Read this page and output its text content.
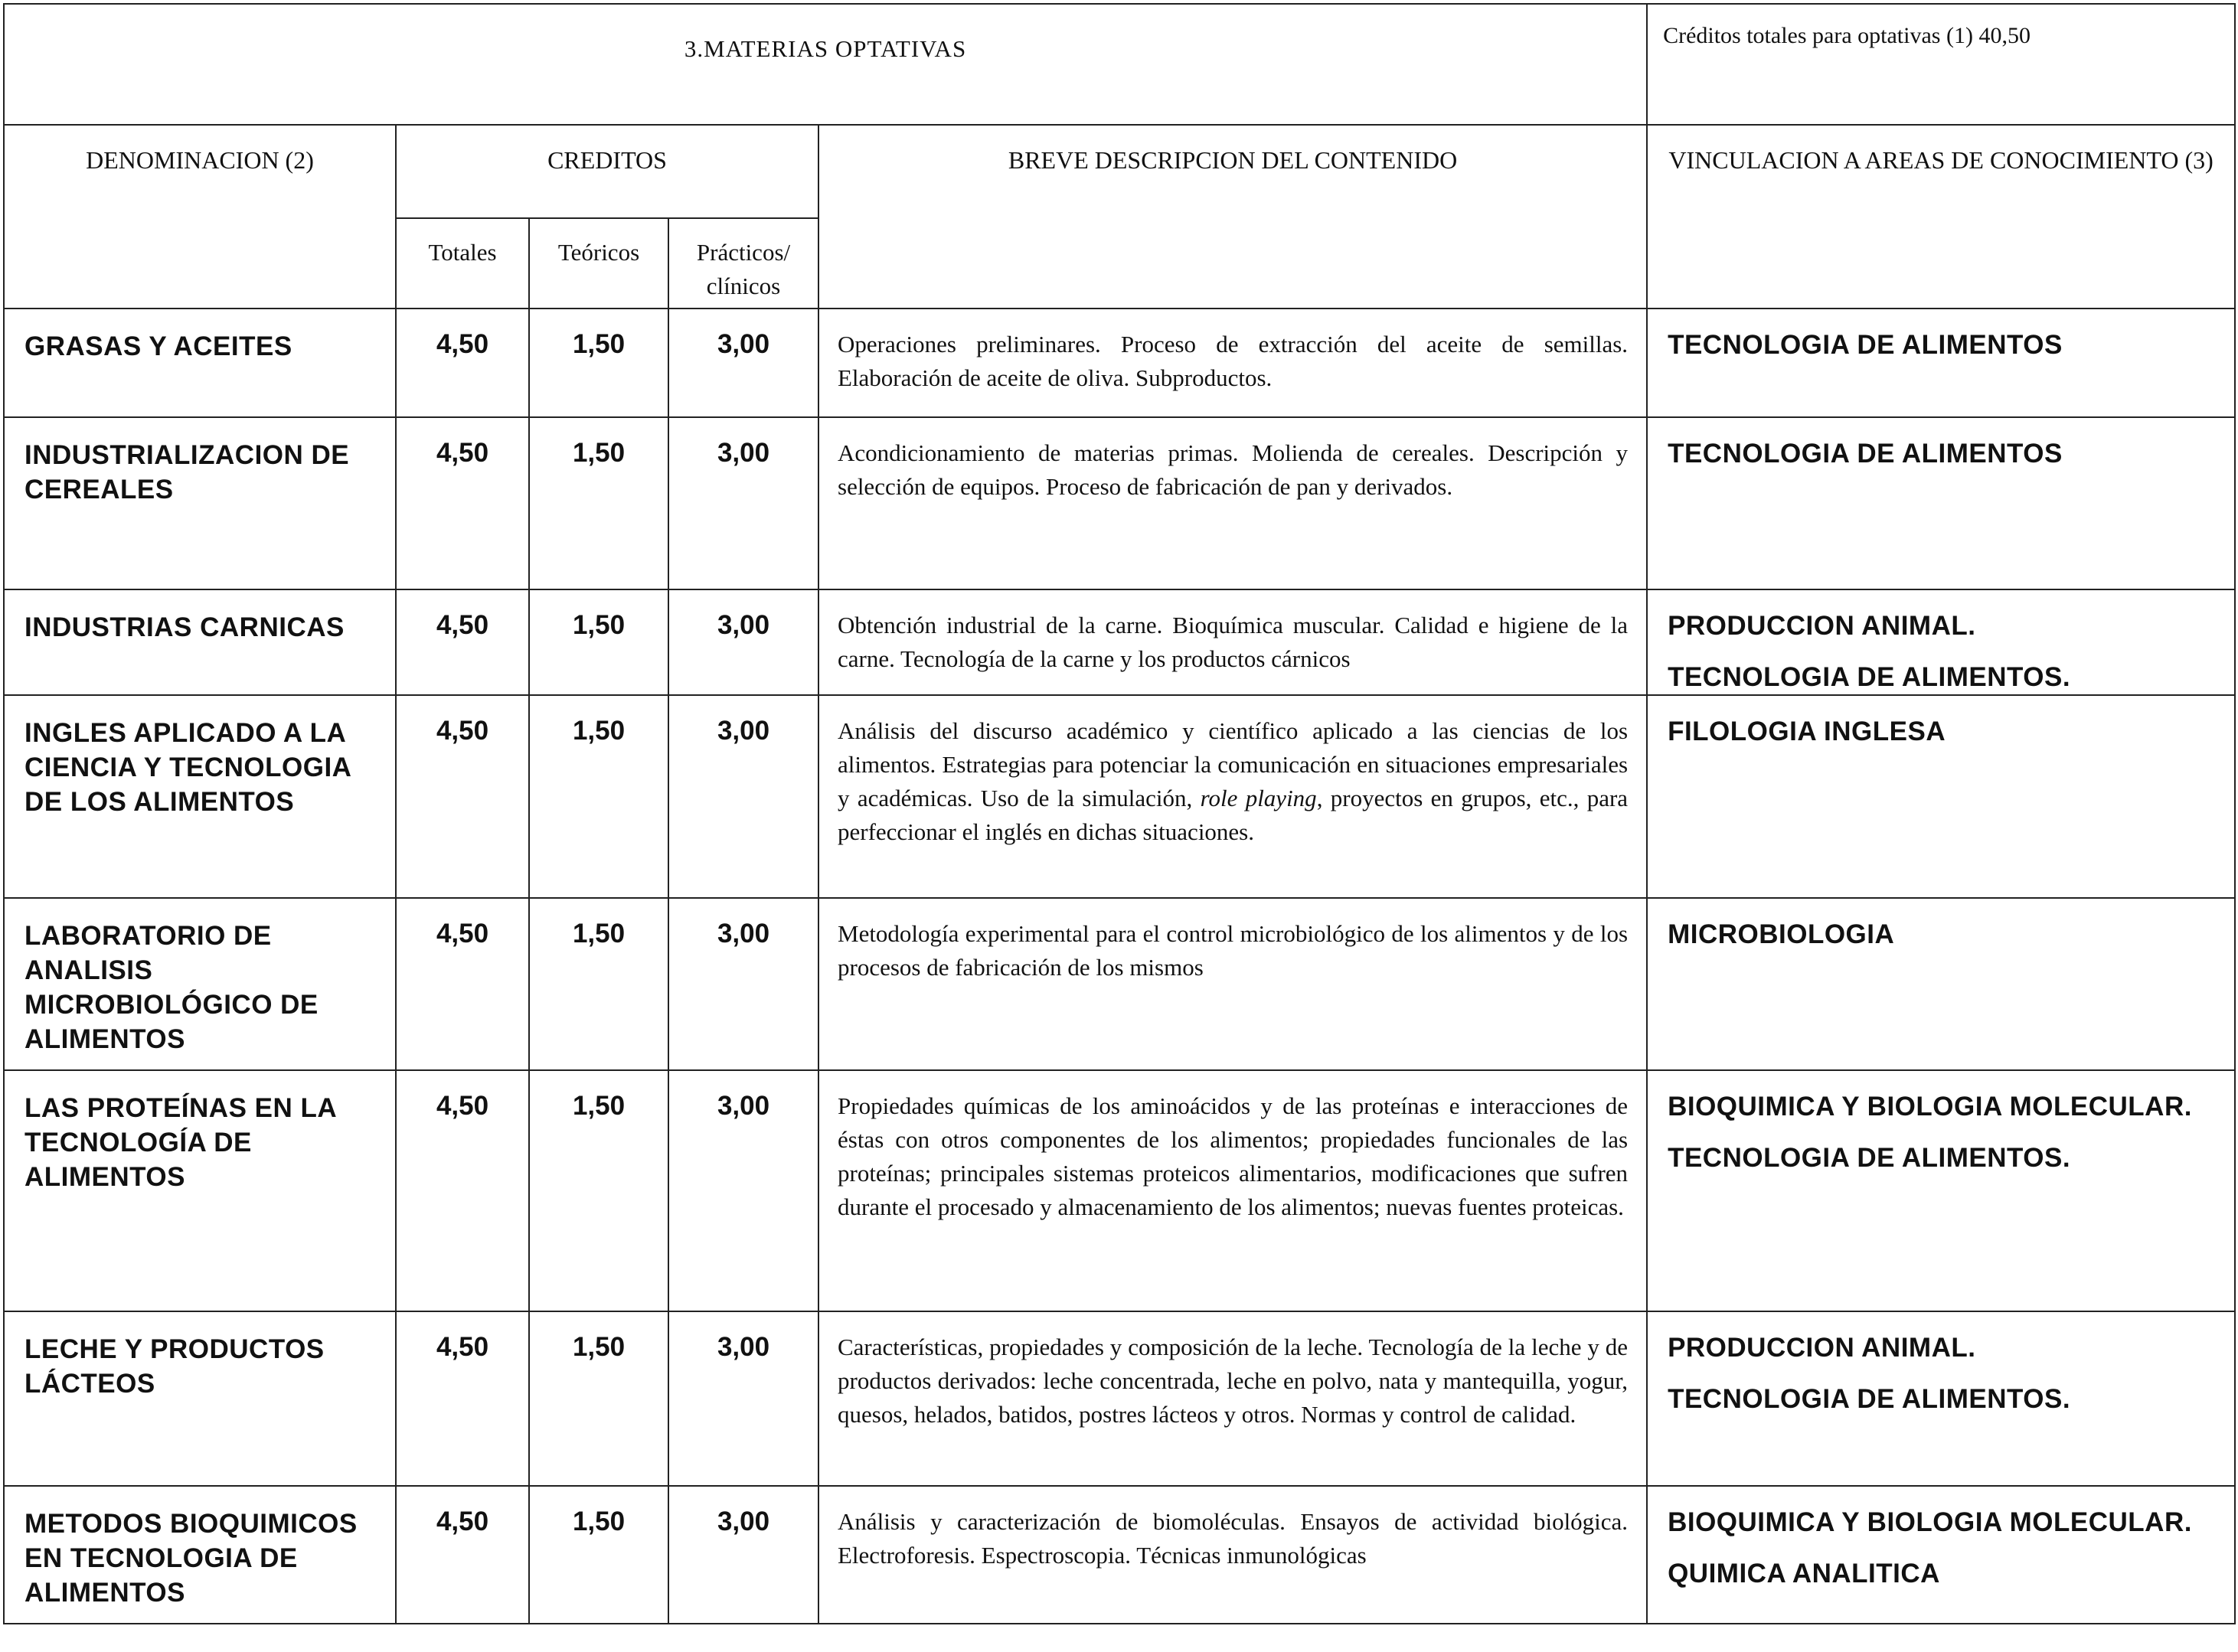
3.MATERIAS OPTATIVAS					Créditos totales para optativas (1) 40,50
DENOMINACION (2)	CREDITOS			BREVE DESCRIPCION DEL CONTENIDO	VINCULACION A AREAS DE CONOCIMIENTO (3)
	Totales	Teóricos	Prácticos/ clínicos		
GRASAS Y ACEITES	4,50	1,50	3,00	Operaciones preliminares. Proceso de extracción del aceite de semillas. Elaboración de aceite de oliva. Subproductos.	TECNOLOGIA DE ALIMENTOS

INDUSTRIALIZACION DE CEREALES	4,50	1,50	3,00	Acondicionamiento de materias primas. Molienda de cereales. Descripción y selección de equipos. Proceso de fabricación de pan y derivados.	TECNOLOGIA DE ALIMENTOS

INDUSTRIAS CARNICAS	4,50	1,50	3,00	Obtención industrial de la carne. Bioquímica muscular. Calidad e higiene de la carne. Tecnología de la carne y los productos cárnicos	PRODUCCION ANIMAL.
TECNOLOGIA DE ALIMENTOS.

INGLES APLICADO A LA CIENCIA Y TECNOLOGIA DE LOS ALIMENTOS	4,50	1,50	3,00	Análisis del discurso académico y científico aplicado a las ciencias de los alimentos. Estrategias para potenciar la comunicación en situaciones empresariales y académicas. Uso de la simulación, role playing, proyectos en grupos, etc., para perfeccionar el inglés en dichas situaciones.	FILOLOGIA INGLESA

LABORATORIO DE ANALISIS MICROBIOLÓGICO DE ALIMENTOS	4,50	1,50	3,00	Metodología experimental para el control microbiológico de los alimentos y de los procesos de fabricación de los mismos	MICROBIOLOGIA

LAS PROTEÍNAS EN LA TECNOLOGÍA DE ALIMENTOS	4,50	1,50	3,00	Propiedades químicas de los aminoácidos y de las proteínas e interacciones de éstas con otros componentes de los alimentos; propiedades funcionales de las proteínas; principales sistemas proteicos alimentarios, modificaciones que sufren durante el procesado y almacenamiento de los alimentos; nuevas fuentes proteicas.	BIOQUIMICA Y BIOLOGIA MOLECULAR.
TECNOLOGIA DE ALIMENTOS.

LECHE Y PRODUCTOS LÁCTEOS	4,50	1,50	3,00	Características, propiedades y composición de la leche. Tecnología de la leche y de productos derivados: leche concentrada, leche en polvo, nata y mantequilla, yogur, quesos, helados, batidos, postres lácteos y otros. Normas y control de calidad.	PRODUCCION ANIMAL.
TECNOLOGIA DE ALIMENTOS.

METODOS BIOQUIMICOS EN TECNOLOGIA DE ALIMENTOS	4,50	1,50	3,00	Análisis y caracterización de biomoléculas. Ensayos de actividad biológica. Electroforesis. Espectroscopia. Técnicas inmunológicas	BIOQUIMICA Y BIOLOGIA MOLECULAR.
QUIMICA ANALITICA
